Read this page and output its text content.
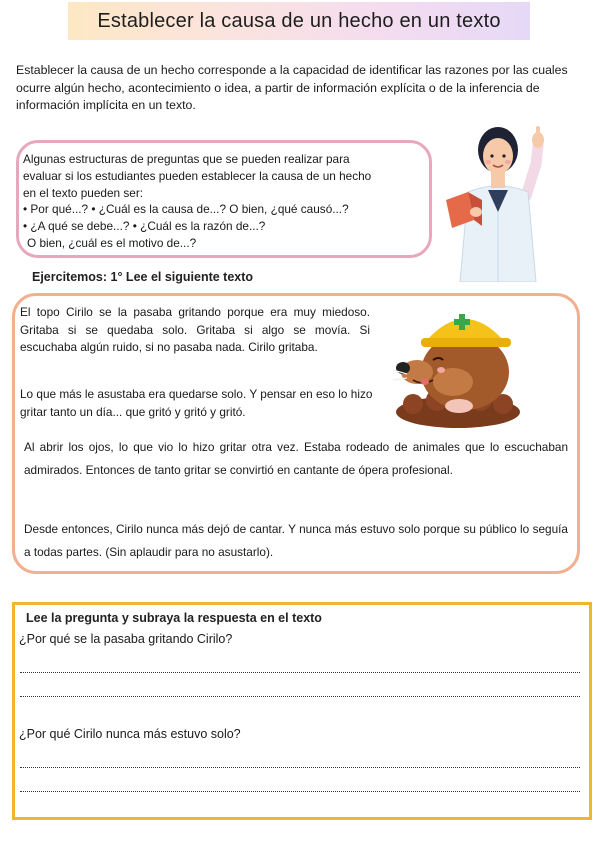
Establecer la causa de un hecho en un texto

Establecer la causa de un hecho corresponde a la capacidad de identificar las razones por las cuales ocurre algún hecho, acontecimiento o idea, a partir de información explícita o de la inferencia de información implícita en un texto.

Algunas estructuras de preguntas que se pueden realizar para
evaluar si los estudiantes pueden establecer la causa de un hecho
en el texto pueden ser:
• Por qué...? • ¿Cuál es la causa de...? O bien, ¿qué causó...?
• ¿A qué se debe...? • ¿Cuál es la razón de...?
O bien, ¿cuál es el motivo de...?
Ejercitemos: 1° Lee el siguiente texto

El topo Cirilo se la pasaba gritando porque era muy miedoso. Gritaba si se quedaba solo. Gritaba si algo se movía. Si escuchaba algún ruido, si no pasaba nada. Cirilo gritaba.

Lo que más le asustaba era quedarse solo. Y pensar en eso lo hizo gritar tanto un día... que gritó y gritó y gritó.

Al abrir los ojos, lo que vio lo hizo gritar otra vez. Estaba rodeado de animales que lo escuchaban admirados. Entonces de tanto gritar se convirtió en cantante de ópera profesional.

Desde entonces, Cirilo nunca más dejó de cantar. Y nunca más estuvo solo porque su público lo seguía a todas partes. (Sin aplaudir para no asustarlo).

Lee la pregunta y subraya la respuesta en el texto
¿Por qué se la pasaba gritando Cirilo?
¿Por qué Cirilo nunca más estuvo solo?
